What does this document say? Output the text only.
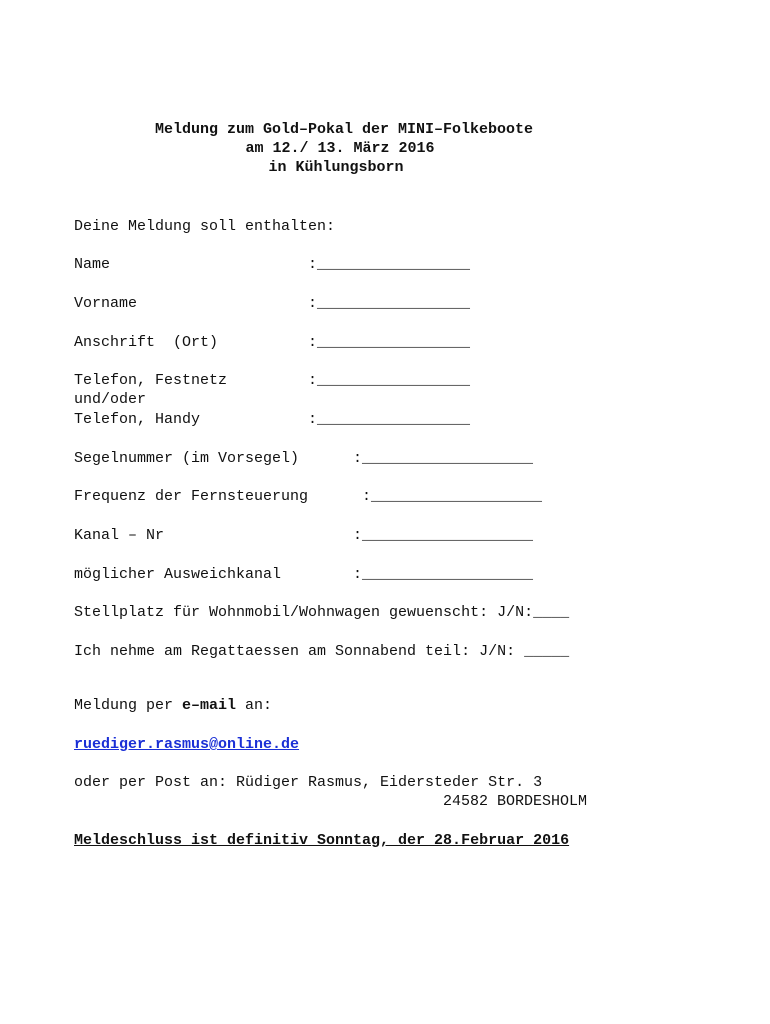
Meldung zum Gold–Pokal der MINI–Folkeboote
am 12./ 13. März 2016
in Kühlungsborn
Deine Meldung soll enthalten:
Name	:_________________
Vorname	:_________________
Anschrift  (Ort)	:_________________
Telefon, Festnetz	:_________________
und/oder
Telefon, Handy	:_________________
Segelnummer (im Vorsegel)	:___________________
Frequenz der Fernsteuerung	:___________________
Kanal – Nr	:___________________
möglicher Ausweichkanal	:___________________
Stellplatz für Wohnmobil/Wohnwagen gewuenscht: J/N:____
Ich nehme am Regattaessen am Sonnabend teil: J/N: _____
Meldung per e–mail an:
ruediger.rasmus@online.de
oder per Post an: Rüdiger Rasmus, Eidersteder Str. 3
24582 BORDESHOLM
Meldeschluss ist definitiv Sonntag, der 28.Februar 2016
